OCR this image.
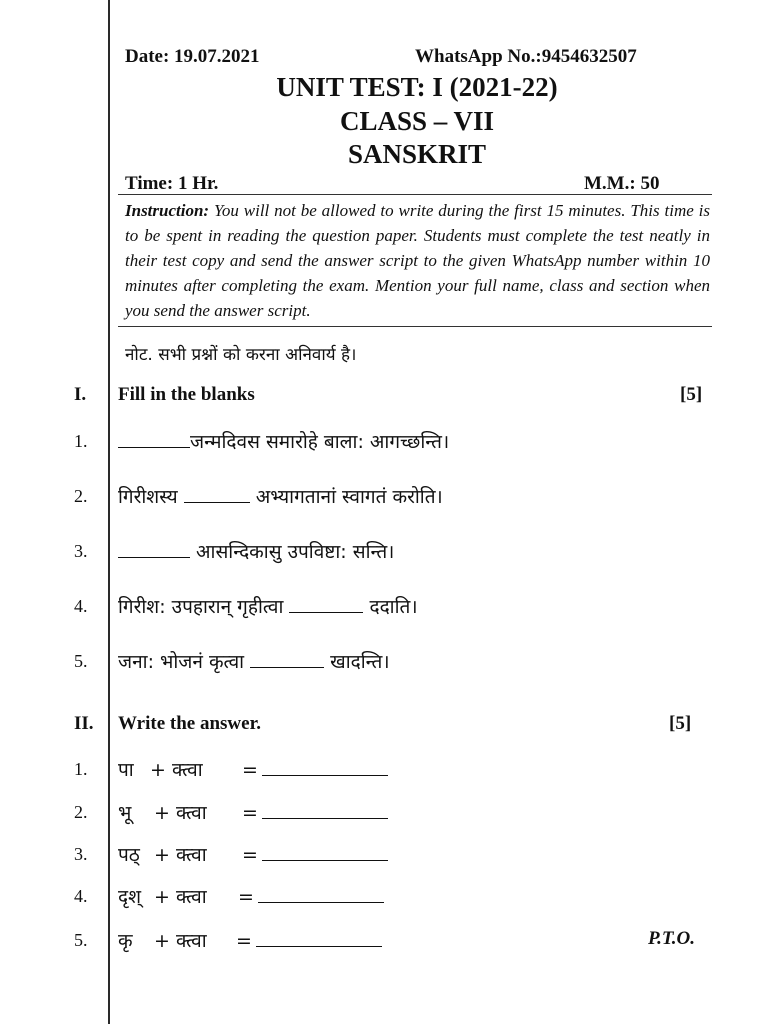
Date: 19.07.2021	WhatsApp No.:9454632507
UNIT TEST: I (2021-22)
CLASS – VII
SANSKRIT
Time: 1 Hr.	M.M.: 50
Instruction: You will not be allowed to write during the first 15 minutes. This time is to be spent in reading the question paper. Students must complete the test neatly in their test copy and send the answer script to the given WhatsApp number within 10 minutes after completing the exam. Mention your full name, class and section when you send the answer script.
नोट. सभी प्रश्नों को करना अनिवार्य है।
I. Fill in the blanks	[5]
1.	जन्मदिवस समारोहे बाला: आगच्छन्ति।
2. गिरीशस्य	अभ्यागतानां स्वागतं करोति।
3.	आसन्दिकासु उपविष्टा: सन्ति।
4. गिरीश: उपहारान् गृहीत्वा	ददाति।
5. जना: भोजनं कृत्वा	खादन्ति।
II. Write the answer.	[5]
1. पा + क्त्वा =
2. भू + क्त्वा =
3. पठ् + क्त्वा =
4. दृश् + क्त्वा =
5. कृ + क्त्वा =	P.T.O.
